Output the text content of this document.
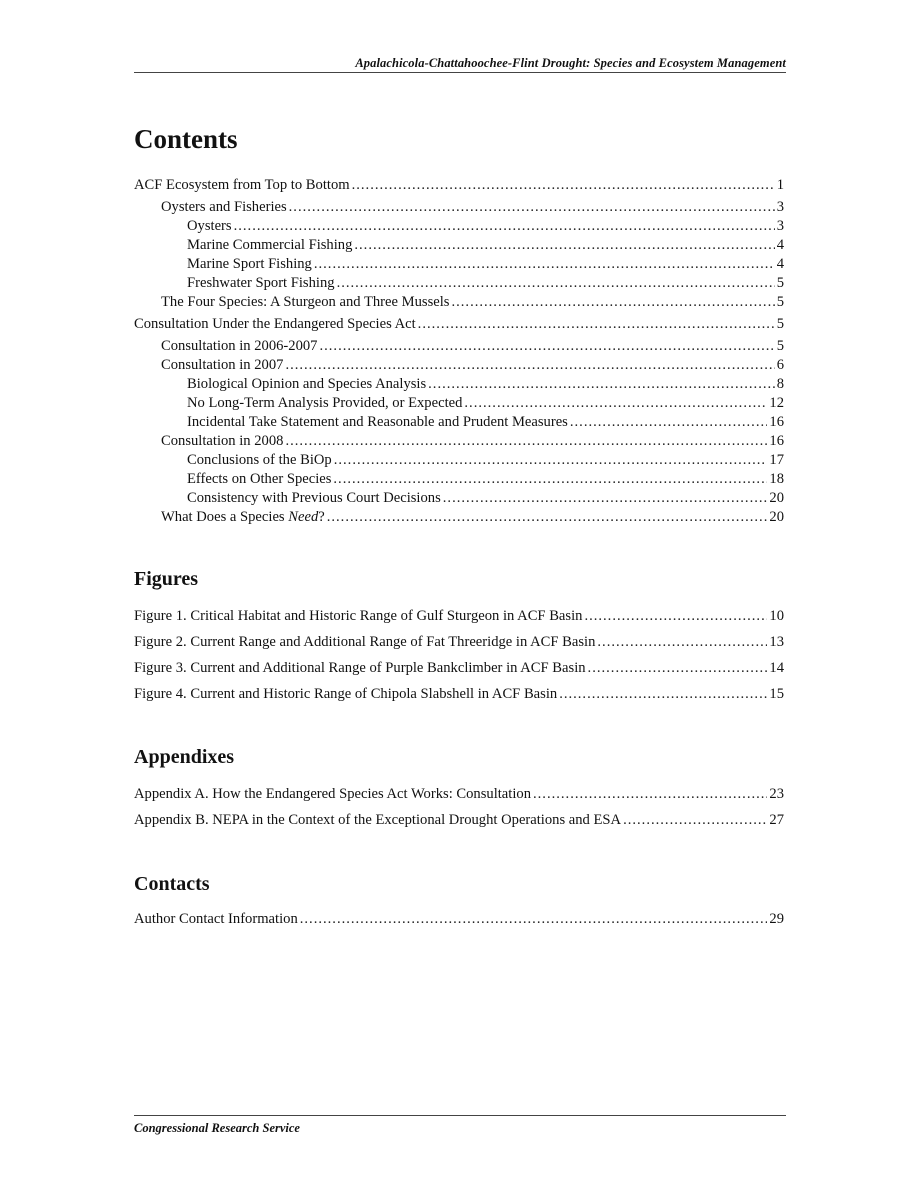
Apalachicola-Chattahoochee-Flint Drought: Species and Ecosystem Management
Contents
ACF Ecosystem from Top to Bottom .....	1
Oysters and Fisheries .....	3
Oysters .....	3
Marine Commercial Fishing .....	4
Marine Sport Fishing .....	4
Freshwater Sport Fishing .....	5
The Four Species: A Sturgeon and Three Mussels .....	5
Consultation Under the Endangered Species Act .....	5
Consultation in 2006-2007 .....	5
Consultation in 2007 .....	6
Biological Opinion and Species Analysis .....	8
No Long-Term Analysis Provided, or Expected .....	12
Incidental Take Statement and Reasonable and Prudent Measures .....	16
Consultation in 2008 .....	16
Conclusions of the BiOp .....	17
Effects on Other Species .....	18
Consistency with Previous Court Decisions .....	20
What Does a Species Need? .....	20
Figures
Figure 1. Critical Habitat and Historic Range of Gulf Sturgeon in ACF Basin .....	10
Figure 2. Current Range and Additional Range of Fat Threeridge in ACF Basin .....	13
Figure 3. Current and Additional Range of Purple Bankclimber in ACF Basin .....	14
Figure 4. Current and Historic Range of Chipola Slabshell in ACF Basin .....	15
Appendixes
Appendix A. How the Endangered Species Act Works: Consultation .....	23
Appendix B. NEPA in the Context of the Exceptional Drought Operations and ESA .....	27
Contacts
Author Contact Information .....	29
Congressional Research Service
